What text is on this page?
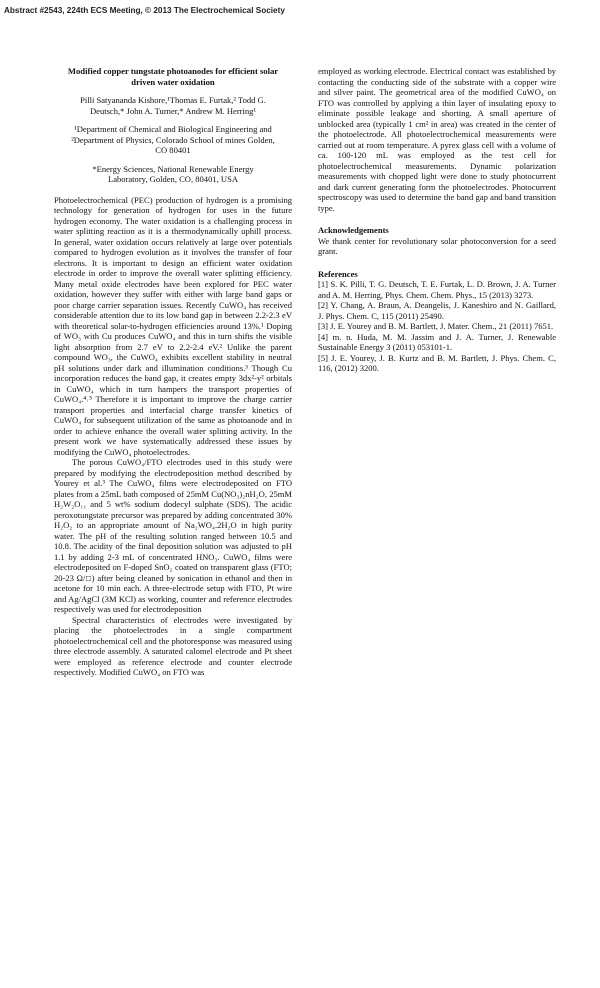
Abstract #2543, 224th ECS Meeting, © 2013 The Electrochemical Society
Modified copper tungstate photoanodes for efficient solar driven water oxidation
Pilli Satyananda Kishore,¹Thomas E. Furtak,² Todd G. Deutsch,* John A. Turner,* Andrew M. Herring¹
¹Department of Chemical and Biological Engineering and ²Department of Physics, Colorado School of mines Golden, CO 80401
*Energy Sciences, National Renewable Energy Laboratory, Golden, CO, 80401, USA

Photoelectrochemical (PEC) production of hydrogen is a promising technology for generation of hydrogen for uses in the future hydrogen economy. The water oxidation is a challenging process in water splitting reaction as it is a thermodynamically uphill process. In general, water oxidation occurs relatively at large over potentials compared to hydrogen evolution as it involves the transfer of four electrons. It is important to design an efficient water oxidation electrode in order to improve the overall water splitting efficiency. Many metal oxide electrodes have been explored for PEC water oxidation, however they suffer with either with large band gaps or poor charge carrier separation issues. Recently CuWO₄ has received considerable attention due to its low band gap in between 2.2-2.3 eV with theoretical solar-to-hydrogen efficiencies around 13%.¹ Doping of WO₃ with Cu produces CuWO₄ and this in turn shifts the visible light absorption from 2.7 eV to 2.2-2.4 eV.² Unlike the parent compound WO₃, the CuWO₄ exhibits excellent stability in neutral pH solutions under dark and illumination conditions.³ Though Cu incorporation reduces the band gap, it creates empty 3dx²-y² orbitals in CuWO₄ which in turn hampers the transport properties of CuWO₄.⁴˒⁵ Therefore it is important to improve the charge carrier transport properties and interfacial charge transfer kinetics of CuWO₄ for subsequent utilization of the same as photoanode and in order to achieve enhance the overall water splitting activity. In the present work we have systematically addressed these issues by modifying the CuWO₄ photoelectrodes.

The porous CuWO₄/FTO electrodes used in this study were prepared by modifying the electrodeposition method described by Yourey et al.³ The CuWO₄ films were electrodeposited on FTO plates from a 25mL bath composed of 25mM Cu(NO₃)₂nH₂O, 25mM H₂W₂O₁₁ and 5 wt% sodium dodecyl sulphate (SDS). The acidic peroxotungstate precursor was prepared by adding concentrated 30% H₂O₂ to an appropriate amount of Na₂WO₄.2H₂O in high purity water. The pH of the resulting solution ranged between 10.5 and 10.8. The acidity of the final deposition solution was adjusted to pH 1.1 by adding 2-3 mL of concentrated HNO₃. CuWO₄ films were electrodeposited on F-doped SnO₂ coated on transparent glass (FTO; 20-23 Ω/□) after being cleaned by sonication in ethanol and then in acetone for 10 min each. A three-electrode setup with FTO, Pt wire and Ag/AgCl (3M KCl) as working, counter and reference electrodes respectively was used for electrodeposition

Spectral characteristics of electrodes were investigated by placing the photoelectrodes in a single compartment photoelectrochemical cell and the photoresponse was measured using three electrode assembly. A saturated calomel electrode and Pt sheet were employed as reference electrode and counter electrode respectively. Modified CuWO₄ on FTO was

employed as working electrode. Electrical contact was established by contacting the conducting side of the substrate with a copper wire and silver paint. The geometrical area of the modified CuWO₄ on FTO was controlled by applying a thin layer of insulating epoxy to eliminate possible leakage and shorting. A small aperture of unblocked area (typically 1 cm² in area) was created in the center of the photoelectrode. All photoelectrochemical measurements were carried out at room temperature. A pyrex glass cell with a volume of ca. 100-120 mL was employed as the test cell for photoelectrochemical measurements. Dynamic polarization measurements with chopped light were done to study photocurrent and dark current generating form the photoelectrodes. Photocurrent spectroscopy was used to determine the band gap and band transition type.

Acknowledgements

We thank center for revolutionary solar photoconversion for a seed grant.

References

[1] S. K. Pilli, T. G. Deutsch, T. E. Furtak, L. D. Brown, J. A. Turner and A. M. Herring, Phys. Chem. Chem. Phys., 15 (2013) 3273.

[2] Y. Chang, A. Braun, A. Deangelis, J. Kaneshiro and N. Gaillard, J. Phys. Chem. C, 115 (2011) 25490.

[3] J. E. Yourey and B. M. Bartlett, J. Mater. Chem., 21 (2011) 7651.

[4] m. n. Huda, M. M. Jassim and J. A. Turner, J. Renewable Sustainable Energy 3 (2011) 053101-1.

[5] J. E. Yourey, J. B. Kurtz and B. M. Bartlett, J. Phys. Chem. C, 116, (2012) 3200.
